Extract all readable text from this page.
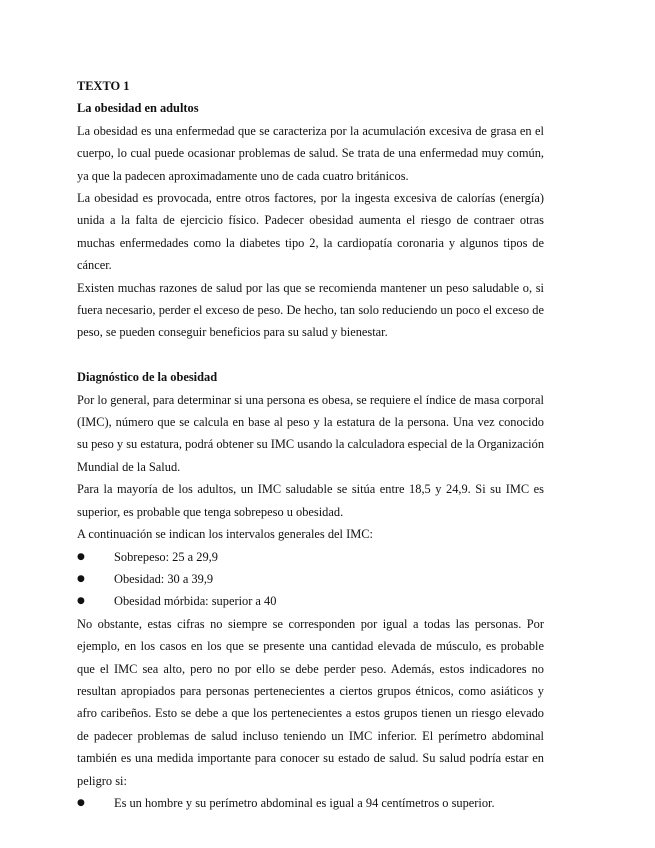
TEXTO 1

La obesidad en adultos

La obesidad es una enfermedad que se caracteriza por la acumulación excesiva de grasa en el cuerpo, lo cual puede ocasionar problemas de salud. Se trata de una enfermedad muy común, ya que la padecen aproximadamente uno de cada cuatro británicos.

La obesidad es provocada, entre otros factores, por la ingesta excesiva de calorías (energía) unida a la falta de ejercicio físico. Padecer obesidad aumenta el riesgo de contraer otras muchas enfermedades como la diabetes tipo 2, la cardiopatía coronaria y algunos tipos de cáncer.

Existen muchas razones de salud por las que se recomienda mantener un peso saludable o, si fuera necesario, perder el exceso de peso. De hecho, tan solo reduciendo un poco el exceso de peso, se pueden conseguir beneficios para su salud y bienestar.

Diagnóstico de la obesidad

Por lo general, para determinar si una persona es obesa, se requiere el índice de masa corporal (IMC), número que se calcula en base al peso y la estatura de la persona. Una vez conocido su peso y su estatura, podrá obtener su IMC usando la calculadora especial de la Organización Mundial de la Salud.

Para la mayoría de los adultos, un IMC saludable se sitúa entre 18,5 y 24,9. Si su IMC es superior, es probable que tenga sobrepeso u obesidad.

A continuación se indican los intervalos generales del IMC:

● Sobrepeso: 25 a 29,9
● Obesidad: 30 a 39,9
● Obesidad mórbida: superior a 40

No obstante, estas cifras no siempre se corresponden por igual a todas las personas. Por ejemplo, en los casos en los que se presente una cantidad elevada de músculo, es probable que el IMC sea alto, pero no por ello se debe perder peso. Además, estos indicadores no resultan apropiados para personas pertenecientes a ciertos grupos étnicos, como asiáticos y afro caribeños. Esto se debe a que los pertenecientes a estos grupos tienen un riesgo elevado de padecer problemas de salud incluso teniendo un IMC inferior. El perímetro abdominal también es una medida importante para conocer su estado de salud. Su salud podría estar en peligro si:

● Es un hombre y su perímetro abdominal es igual a 94 centímetros o superior.
